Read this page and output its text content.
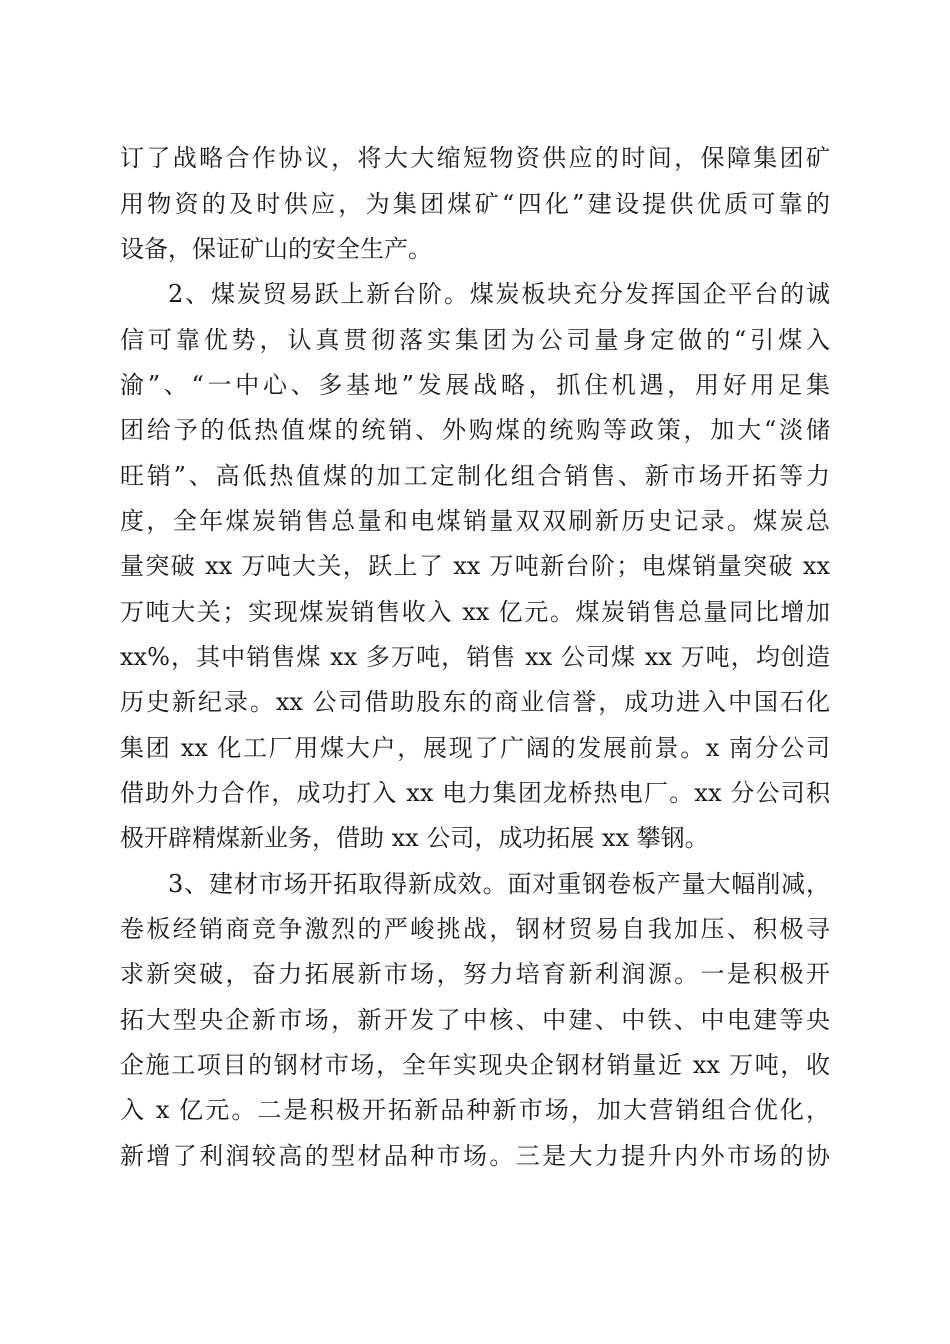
订了战略合作协议，将大大缩短物资供应的时间，保障集团矿
用物资的及时供应，为集团煤矿“四化”建设提供优质可靠的
设备，保证矿山的安全生产。
2、煤炭贸易跃上新台阶。煤炭板块充分发挥国企平台的诚
信可靠优势，认真贯彻落实集团为公司量身定做的“引煤入
渝”、“一中心、多基地”发展战略，抓住机遇，用好用足集
团给予的低热值煤的统销、外购煤的统购等政策，加大“淡储
旺销”、高低热值煤的加工定制化组合销售、新市场开拓等力
度，全年煤炭销售总量和电煤销量双双刷新历史记录。煤炭总
量突破 xx 万吨大关，跃上了 xx 万吨新台阶；电煤销量突破 xx
万吨大关；实现煤炭销售收入 xx 亿元。煤炭销售总量同比增加
xx%，其中销售煤 xx 多万吨，销售 xx 公司煤 xx 万吨，均创造
历史新纪录。xx 公司借助股东的商业信誉，成功进入中国石化
集团 xx 化工厂用煤大户，展现了广阔的发展前景。x 南分公司
借助外力合作，成功打入 xx 电力集团龙桥热电厂。xx 分公司积
极开辟精煤新业务，借助 xx 公司，成功拓展 xx 攀钢。
3、建材市场开拓取得新成效。面对重钢卷板产量大幅削减，
卷板经销商竞争激烈的严峻挑战，钢材贸易自我加压、积极寻
求新突破，奋力拓展新市场，努力培育新利润源。一是积极开
拓大型央企新市场，新开发了中核、中建、中铁、中电建等央
企施工项目的钢材市场，全年实现央企钢材销量近 xx 万吨，收
入 x 亿元。二是积极开拓新品种新市场，加大营销组合优化，
新增了利润较高的型材品种市场。三是大力提升内外市场的协
